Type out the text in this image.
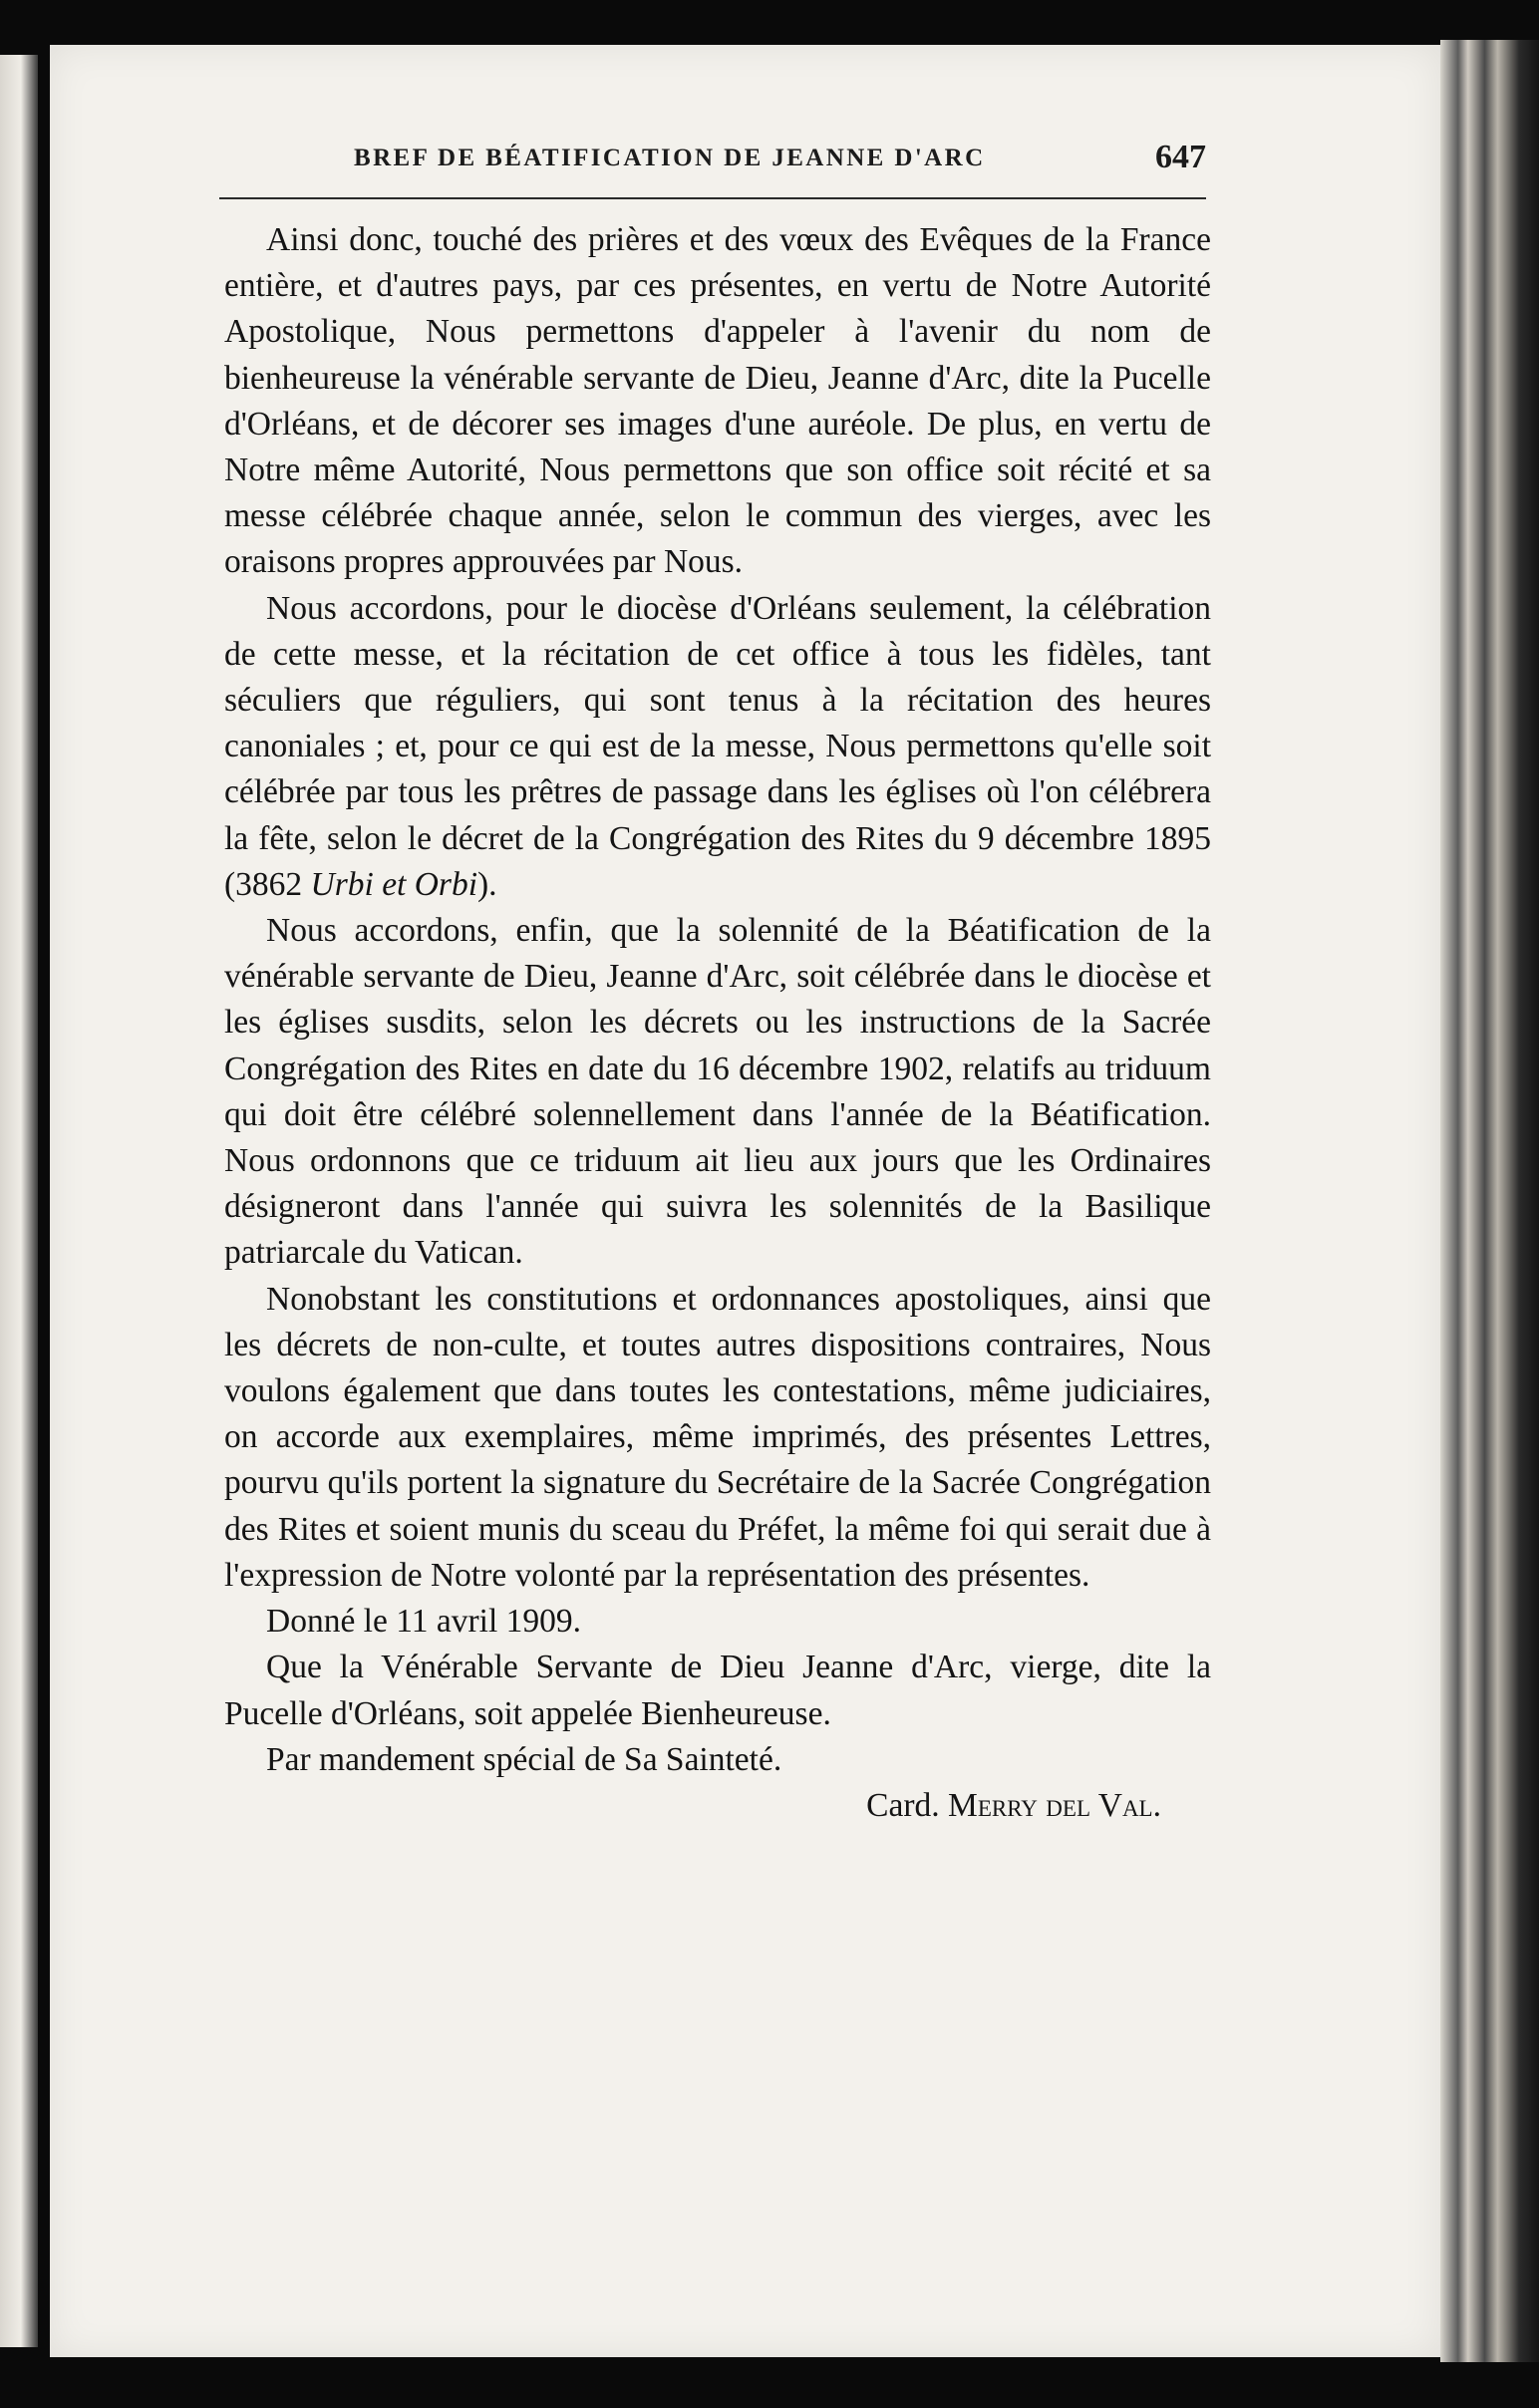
BREF DE BÉATIFICATION DE JEANNE D'ARC	647

Ainsi donc, touché des prières et des vœux des Evêques de la France entière, et d'autres pays, par ces présentes, en vertu de Notre Autorité Apostolique, Nous permettons d'appeler à l'avenir du nom de bienheureuse la vénérable servante de Dieu, Jeanne d'Arc, dite la Pucelle d'Orléans, et de décorer ses images d'une auréole. De plus, en vertu de Notre même Autorité, Nous permettons que son office soit récité et sa messe célébrée chaque année, selon le commun des vierges, avec les oraisons propres approuvées par Nous.

Nous accordons, pour le diocèse d'Orléans seulement, la célébration de cette messe, et la récitation de cet office à tous les fidèles, tant séculiers que réguliers, qui sont tenus à la récitation des heures canoniales ; et, pour ce qui est de la messe, Nous permettons qu'elle soit célébrée par tous les prêtres de passage dans les églises où l'on célébrera la fête, selon le décret de la Congrégation des Rites du 9 décembre 1895 (3862 Urbi et Orbi).

Nous accordons, enfin, que la solennité de la Béatification de la vénérable servante de Dieu, Jeanne d'Arc, soit célébrée dans le diocèse et les églises susdits, selon les décrets ou les instructions de la Sacrée Congrégation des Rites en date du 16 décembre 1902, relatifs au triduum qui doit être célébré solennellement dans l'année de la Béatification. Nous ordonnons que ce triduum ait lieu aux jours que les Ordinaires désigneront dans l'année qui suivra les solennités de la Basilique patriarcale du Vatican.

Nonobstant les constitutions et ordonnances apostoliques, ainsi que les décrets de non-culte, et toutes autres dispositions contraires, Nous voulons également que dans toutes les contestations, même judiciaires, on accorde aux exemplaires, même imprimés, des présentes Lettres, pourvu qu'ils portent la signature du Secrétaire de la Sacrée Congrégation des Rites et soient munis du sceau du Préfet, la même foi qui serait due à l'expression de Notre volonté par la représentation des présentes.

Donné le 11 avril 1909.

Que la Vénérable Servante de Dieu Jeanne d'Arc, vierge, dite la Pucelle d'Orléans, soit appelée Bienheureuse.

Par mandement spécial de Sa Sainteté.

Card. Merry del Val.
